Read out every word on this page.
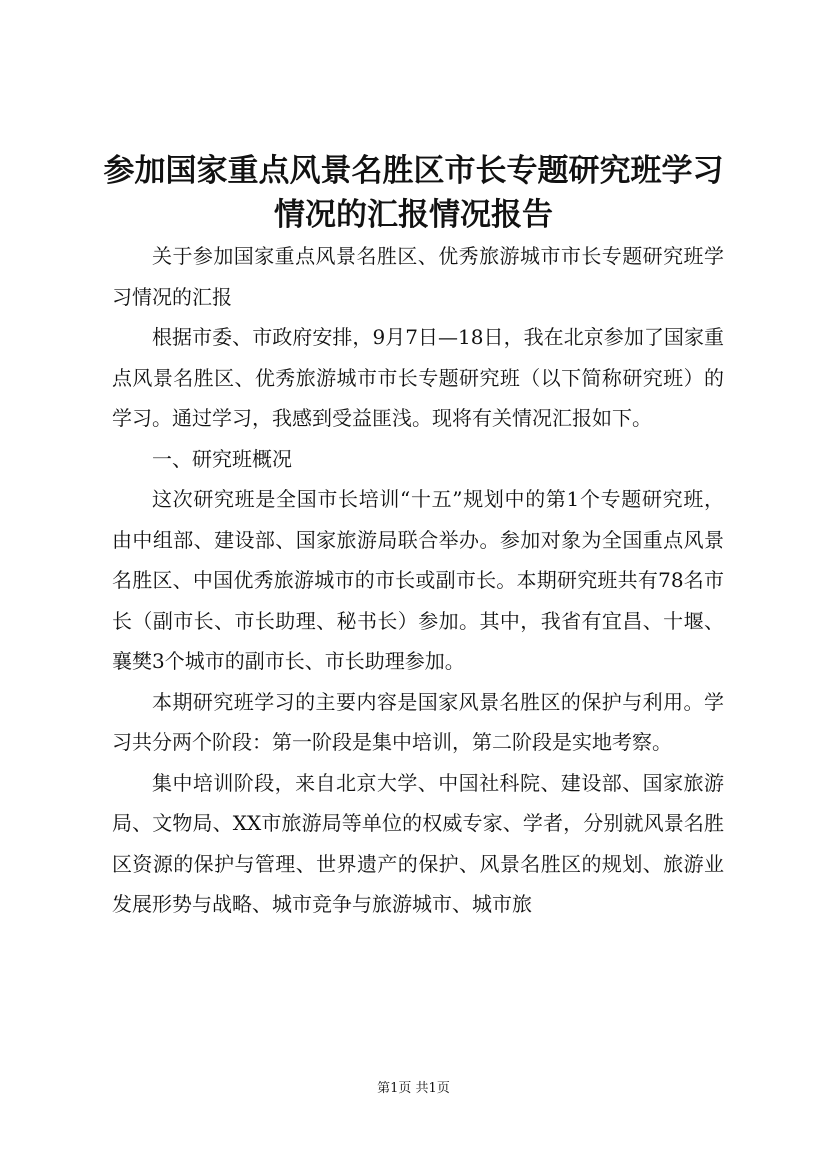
参加国家重点风景名胜区市长专题研究班学习
情况的汇报情况报告

关于参加国家重点风景名胜区、优秀旅游城市市长专题研究班学习情况的汇报

根据市委、市政府安排，9月7日—18日，我在北京参加了国家重点风景名胜区、优秀旅游城市市长专题研究班（以下简称研究班）的学习。通过学习，我感到受益匪浅。现将有关情况汇报如下。

一、研究班概况

这次研究班是全国市长培训“十五”规划中的第1个专题研究班，由中组部、建设部、国家旅游局联合举办。参加对象为全国重点风景名胜区、中国优秀旅游城市的市长或副市长。本期研究班共有78名市长（副市长、市长助理、秘书长）参加。其中，我省有宜昌、十堰、襄樊3个城市的副市长、市长助理参加。

本期研究班学习的主要内容是国家风景名胜区的保护与利用。学习共分两个阶段：第一阶段是集中培训，第二阶段是实地考察。

集中培训阶段，来自北京大学、中国社科院、建设部、国家旅游局、文物局、XX市旅游局等单位的权威专家、学者，分别就风景名胜区资源的保护与管理、世界遗产的保护、风景名胜区的规划、旅游业发展形势与战略、城市竞争与旅游城市、城市旅

第1页 共1页
